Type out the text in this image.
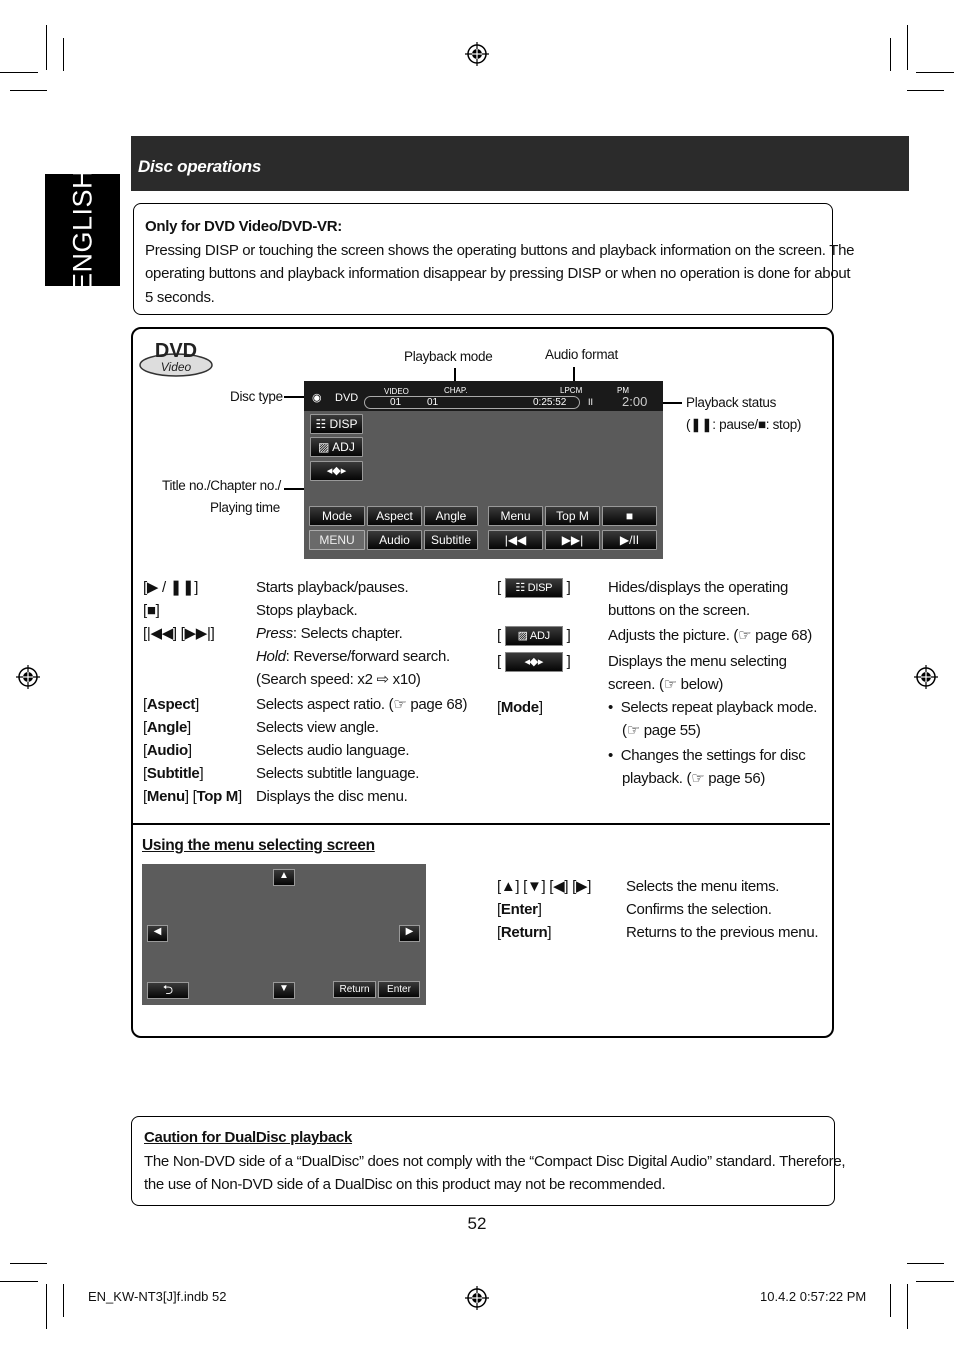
ENGLISH
Disc operations
Only for DVD Video/DVD-VR:
Pressing DISP or touching the screen shows the operating buttons and playback information on the screen. The
operating buttons and playback information disappear by pressing DISP or when no operation is done for about
5 seconds.
DVD
Video
Disc type
Playback mode	Audio format
Playback status
(❚❚: pause/■: stop)
Title no./Chapter no./
Playing time
◉ DVD
VIDEO	CHAP.
01	01	0:25:52
LPCM
II
PM
2:00
☷ DISP
▨ ADJ
◂◆▸
Mode	Aspect	Angle	Menu	Top M	■
MENU	Audio	Subtitle	|◀◀	▶▶|	▶/II
[▶ / ❚❚]	Starts playback/pauses.
[■]	Stops playback.
[|◀◀] [▶▶|]	Press: Selects chapter.
Hold: Reverse/forward search.
(Search speed: x2 ⇨ x10)
[Aspect]	Selects aspect ratio. (☞ page 68)
[Angle]	Selects view angle.
[Audio]	Selects audio language.
[Subtitle]	Selects subtitle language.
[Menu] [Top M] Displays the disc menu.
[ ☷ DISP ]	Hides/displays the operating
buttons on the screen.
[ ▨ ADJ ]	Adjusts the picture. (☞ page 68)
[ ◂◆▸ ]	Displays the menu selecting
screen. (☞ below)
[Mode]	•  Selects repeat playback mode.
(☞ page 55)
•  Changes the settings for disc
playback. (☞ page 56)
Using the menu selecting screen
▲
◀	▶
⮌	▼	Return	Enter
[▲] [▼] [◀] [▶] Selects the menu items.
[Enter]	Confirms the selection.
[Return]	Returns to the previous menu.
Caution for DualDisc playback
The Non-DVD side of a “DualDisc” does not comply with the “Compact Disc Digital Audio” standard. Therefore,
the use of Non-DVD side of a DualDisc on this product may not be recommended.
52
EN_KW-NT3[J]f.indb 52	10.4.2 0:57:22 PM
